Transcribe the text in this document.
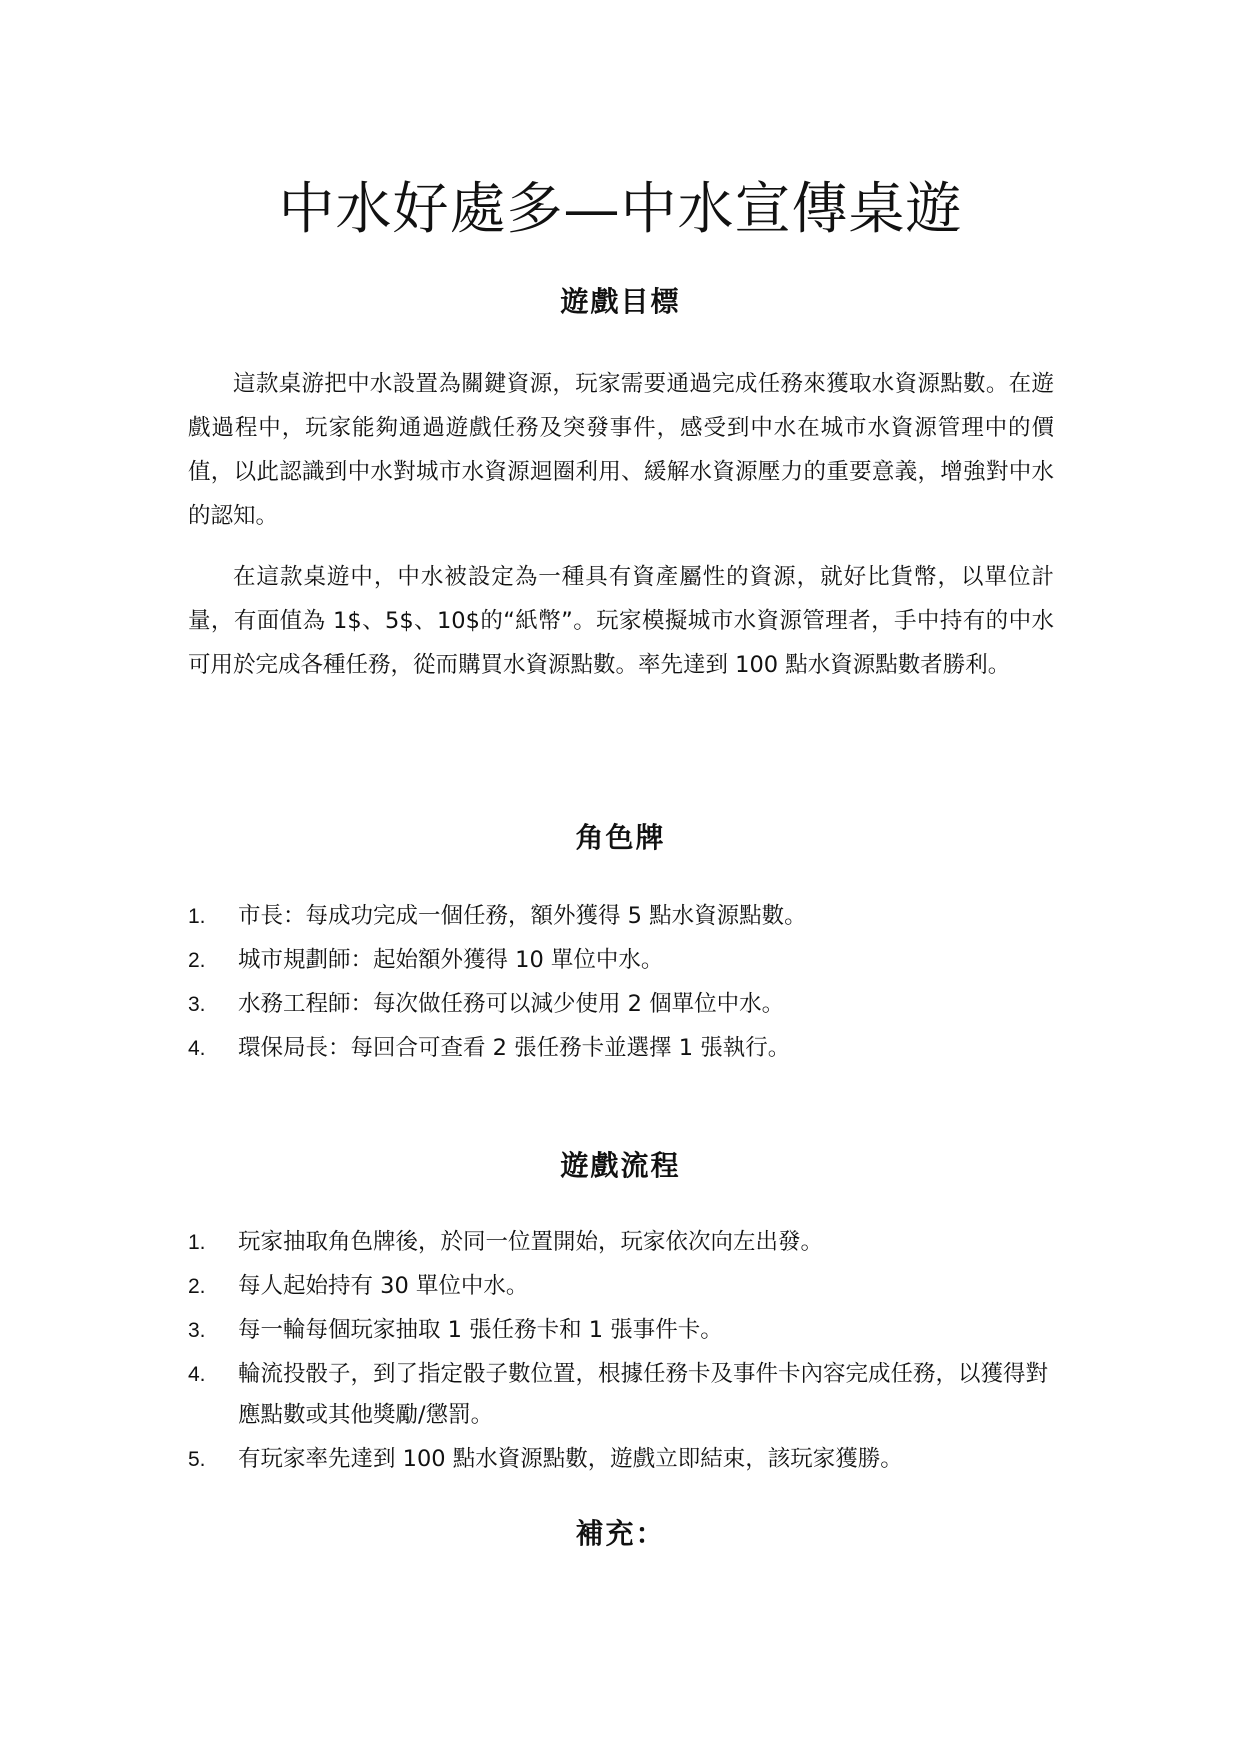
中水好處多—中水宣傳桌遊
遊戲目標

這款桌游把中水設置為關鍵資源，玩家需要通過完成任務來獲取水資源點數。在遊戲過程中，玩家能夠通過遊戲任務及突發事件，感受到中水在城市水資源管理中的價值，以此認識到中水對城市水資源迴圈利用、緩解水資源壓力的重要意義，增強對中水的認知。

在這款桌遊中，中水被設定為一種具有資產屬性的資源，就好比貨幣，以單位計量，有面值為 1$、5$、10$的“紙幣”。玩家模擬城市水資源管理者，手中持有的中水可用於完成各種任務，從而購買水資源點數。率先達到 100 點水資源點數者勝利。

角色牌
1. 市長：每成功完成一個任務，額外獲得 5 點水資源點數。
2. 城市規劃師：起始額外獲得 10 單位中水。
3. 水務工程師：每次做任務可以減少使用 2 個單位中水。
4. 環保局長：每回合可查看 2 張任務卡並選擇 1 張執行。
遊戲流程
1. 玩家抽取角色牌後，於同一位置開始，玩家依次向左出發。
2. 每人起始持有 30 單位中水。
3. 每一輪每個玩家抽取 1 張任務卡和 1 張事件卡。
4. 輪流投骰子，到了指定骰子數位置，根據任務卡及事件卡內容完成任務，以獲得對應點數或其他獎勵/懲罰。
5. 有玩家率先達到 100 點水資源點數，遊戲立即結束，該玩家獲勝。
補充：
